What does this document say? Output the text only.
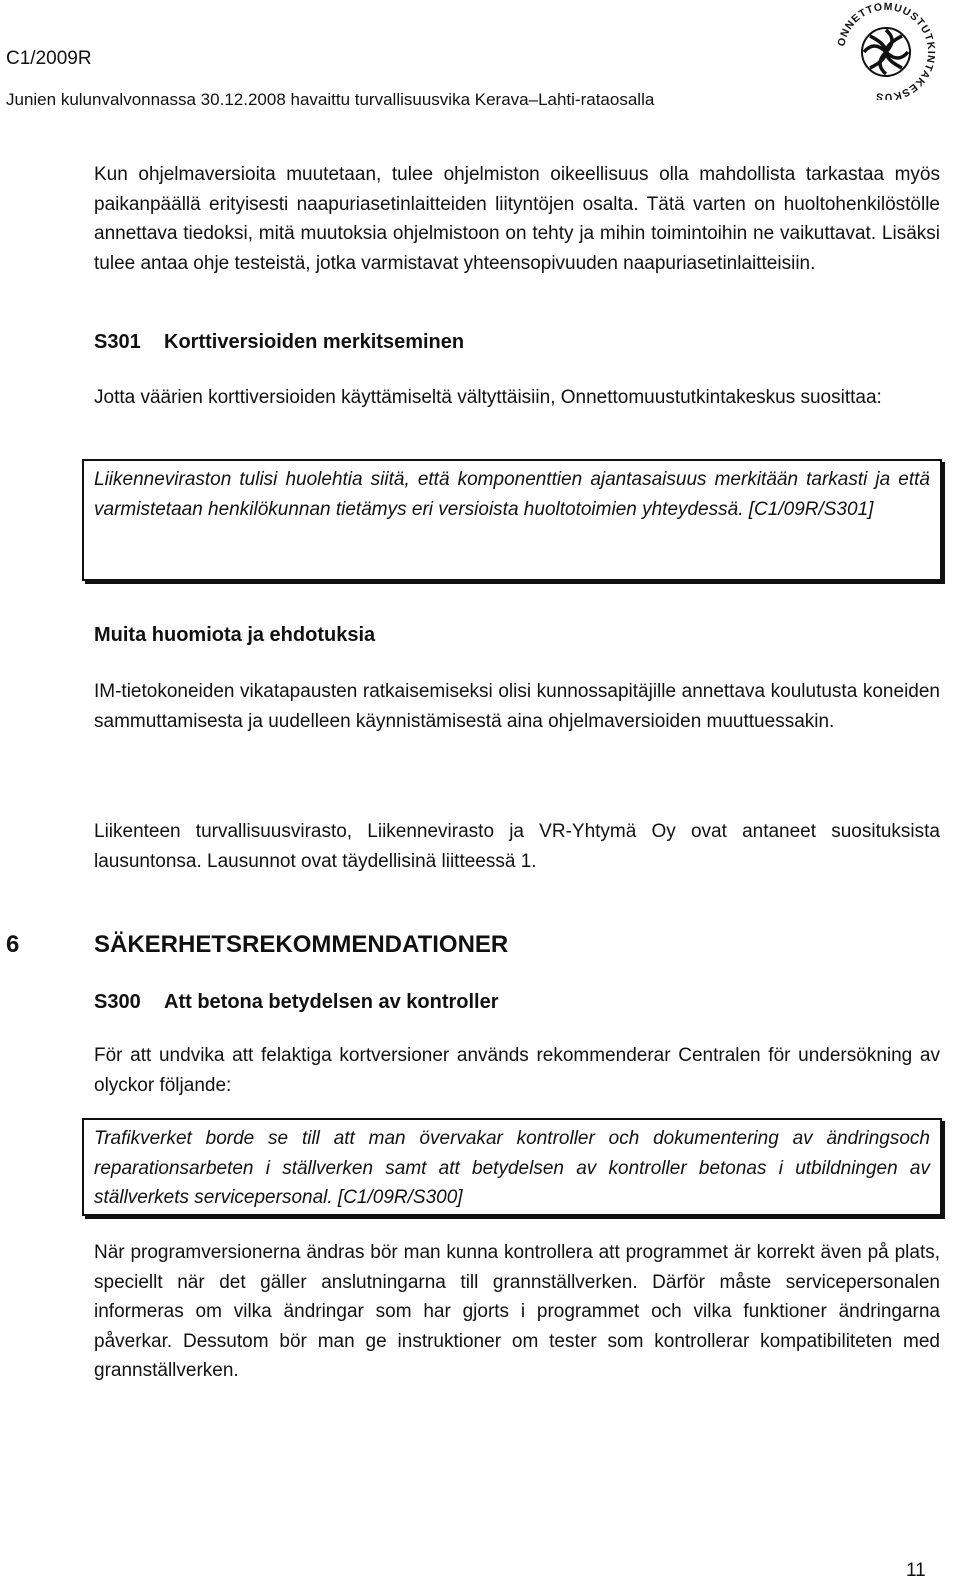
C1/2009R
Junien kulunvalvonnassa 30.12.2008 havaittu turvallisuusvika Kerava–Lahti-rataosalla
ONNETTOMUUSTUTKINTAKESKUS

Kun ohjelmaversioita muutetaan, tulee ohjelmiston oikeellisuus olla mahdollista tarkastaa myös paikanpäällä erityisesti naapuriasetinlaitteiden liityntöjen osalta. Tätä varten on huoltohenkilöstölle annettava tiedoksi, mitä muutoksia ohjelmistoon on tehty ja mihin toimintoihin ne vaikuttavat. Lisäksi tulee antaa ohje testeistä, jotka varmistavat yhteensopivuuden naapuriasetinlaitteisiin.

S301 Korttiversioiden merkitseminen

Jotta väärien korttiversioiden käyttämiseltä vältyttäisiin, Onnettomuustutkintakeskus suosittaa:

Liikenneviraston tulisi huolehtia siitä, että komponenttien ajantasaisuus merkitään tarkasti ja että varmistetaan henkilökunnan tietämys eri versioista huoltotoimien yhteydessä. [C1/09R/S301]

Muita huomiota ja ehdotuksia

IM-tietokoneiden vikatapausten ratkaisemiseksi olisi kunnossapitäjille annettava koulutusta koneiden sammuttamisesta ja uudelleen käynnistämisestä aina ohjelmaversioiden muuttuessakin.

Liikenteen turvallisuusvirasto, Liikennevirasto ja VR-Yhtymä Oy ovat antaneet suosituksista lausuntonsa. Lausunnot ovat täydellisinä liitteessä 1.

6	SÄKERHETSREKOMMENDATIONER
S300 Att betona betydelsen av kontroller

För att undvika att felaktiga kortversioner används rekommenderar Centralen för undersökning av olyckor följande:

Trafikverket borde se till att man övervakar kontroller och dokumentering av ändringsoch reparationsarbeten i ställverken samt att betydelsen av kontroller betonas i utbildningen av ställverkets servicepersonal. [C1/09R/S300]

När programversionerna ändras bör man kunna kontrollera att programmet är korrekt även på plats, speciellt när det gäller anslutningarna till grannställverken. Därför måste servicepersonalen informeras om vilka ändringar som har gjorts i programmet och vilka funktioner ändringarna påverkar. Dessutom bör man ge instruktioner om tester som kontrollerar kompatibiliteten med grannställverken.

11
